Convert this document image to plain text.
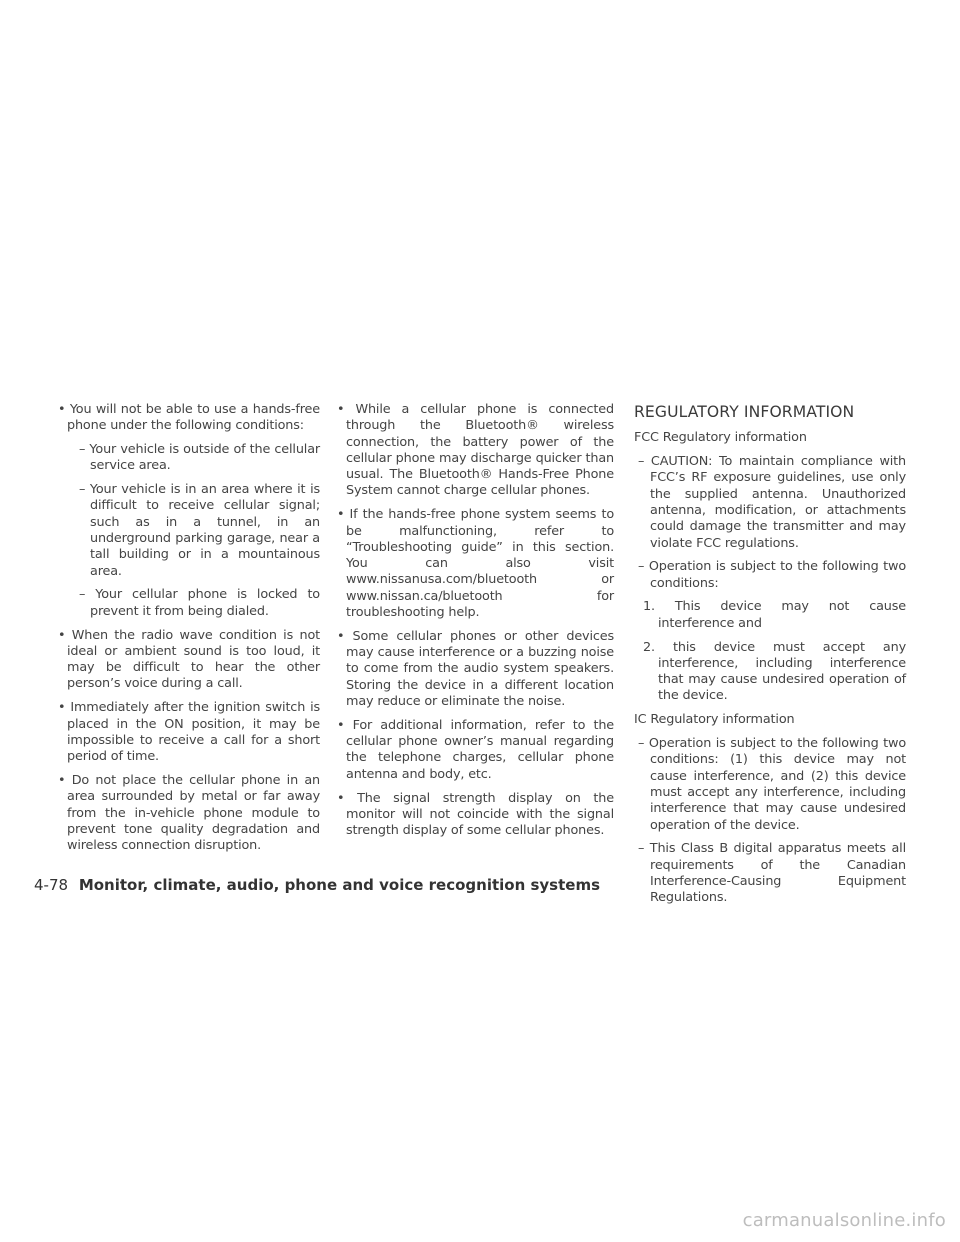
• You will not be able to use a hands-free phone under the following conditions:

– Your vehicle is outside of the cellular service area.

– Your vehicle is in an area where it is difficult to receive cellular signal; such as in a tunnel, in an underground parking garage, near a tall building or in a mountainous area.

– Your cellular phone is locked to prevent it from being dialed.

• When the radio wave condition is not ideal or ambient sound is too loud, it may be difficult to hear the other person’s voice during a call.

• Immediately after the ignition switch is placed in the ON position, it may be impossible to receive a call for a short period of time.

• Do not place the cellular phone in an area surrounded by metal or far away from the in-vehicle phone module to prevent tone quality degradation and wireless connection disruption.

• While a cellular phone is connected through the Bluetooth® wireless connection, the battery power of the cellular phone may discharge quicker than usual. The Bluetooth® Hands-Free Phone System cannot charge cellular phones.

• If the hands-free phone system seems to be malfunctioning, refer to “Troubleshooting guide” in this section. You can also visit www.nissanusa.com/bluetooth or www.nissan.ca/bluetooth for troubleshooting help.

• Some cellular phones or other devices may cause interference or a buzzing noise to come from the audio system speakers. Storing the device in a different location may reduce or eliminate the noise.

• For additional information, refer to the cellular phone owner’s manual regarding the telephone charges, cellular phone antenna and body, etc.

• The signal strength display on the monitor will not coincide with the signal strength display of some cellular phones.

REGULATORY INFORMATION

FCC Regulatory information

– CAUTION: To maintain compliance with FCC’s RF exposure guidelines, use only the supplied antenna. Unauthorized antenna, modification, or attachments could damage the transmitter and may violate FCC regulations.

– Operation is subject to the following two conditions:

1. This device may not cause interference and

2. this device must accept any interference, including interference that may cause undesired operation of the device.

IC Regulatory information

– Operation is subject to the following two conditions: (1) this device may not cause interference, and (2) this device must accept any interference, including interference that may cause undesired operation of the device.

– This Class B digital apparatus meets all requirements of the Canadian Interference-Causing Equipment Regulations.

4-78 Monitor, climate, audio, phone and voice recognition systems
carmanualsonline.info
